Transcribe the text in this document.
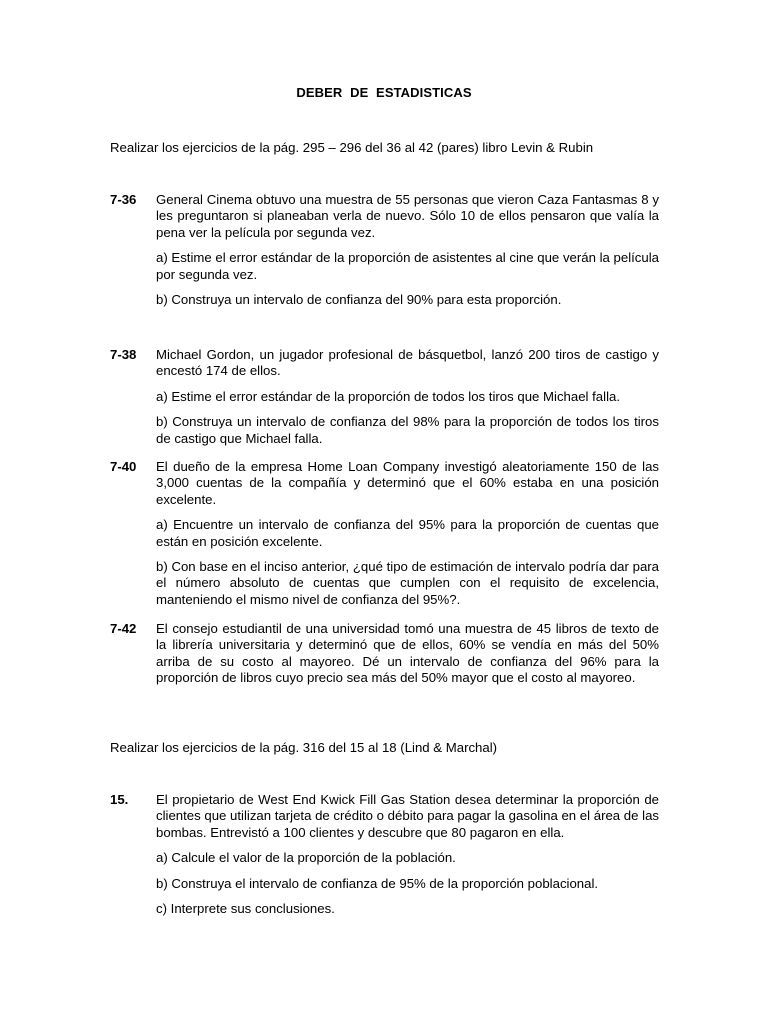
DEBER DE ESTADISTICAS
Realizar los ejercicios de la pág. 295 – 296 del 36 al 42 (pares) libro Levin & Rubin
7-36	General Cinema obtuvo una muestra de 55 personas que vieron Caza Fantasmas 8 y les preguntaron si planeaban verla de nuevo. Sólo 10 de ellos pensaron que valía la pena ver la película por segunda vez.

a) Estime el error estándar de la proporción de asistentes al cine que verán la película por segunda vez.

b) Construya un intervalo de confianza del 90% para esta proporción.

7-38	Michael Gordon, un jugador profesional de básquetbol, lanzó 200 tiros de castigo y encestó 174 de ellos.

a) Estime el error estándar de la proporción de todos los tiros que Michael falla.

b) Construya un intervalo de confianza del 98% para la proporción de todos los tiros de castigo que Michael falla.

7-40	El dueño de la empresa Home Loan Company investigó aleatoriamente 150 de las 3,000 cuentas de la compañía y determinó que el 60% estaba en una posición excelente.

a) Encuentre un intervalo de confianza del 95% para la proporción de cuentas que están en posición excelente.

b) Con base en el inciso anterior, ¿qué tipo de estimación de intervalo podría dar para el número absoluto de cuentas que cumplen con el requisito de excelencia, manteniendo el mismo nivel de confianza del 95%?.

7-42	El consejo estudiantil de una universidad tomó una muestra de 45 libros de texto de la librería universitaria y determinó que de ellos, 60% se vendía en más del 50% arriba de su costo al mayoreo. Dé un intervalo de confianza del 96% para la proporción de libros cuyo precio sea más del 50% mayor que el costo al mayoreo.

Realizar los ejercicios de la pág. 316 del 15 al 18 (Lind & Marchal)
15.	El propietario de West End Kwick Fill Gas Station desea determinar la proporción de clientes que utilizan tarjeta de crédito o débito para pagar la gasolina en el área de las bombas. Entrevistó a 100 clientes y descubre que 80 pagaron en ella.

a) Calcule el valor de la proporción de la población.

b) Construya el intervalo de confianza de 95% de la proporción poblacional.

c) Interprete sus conclusiones.
